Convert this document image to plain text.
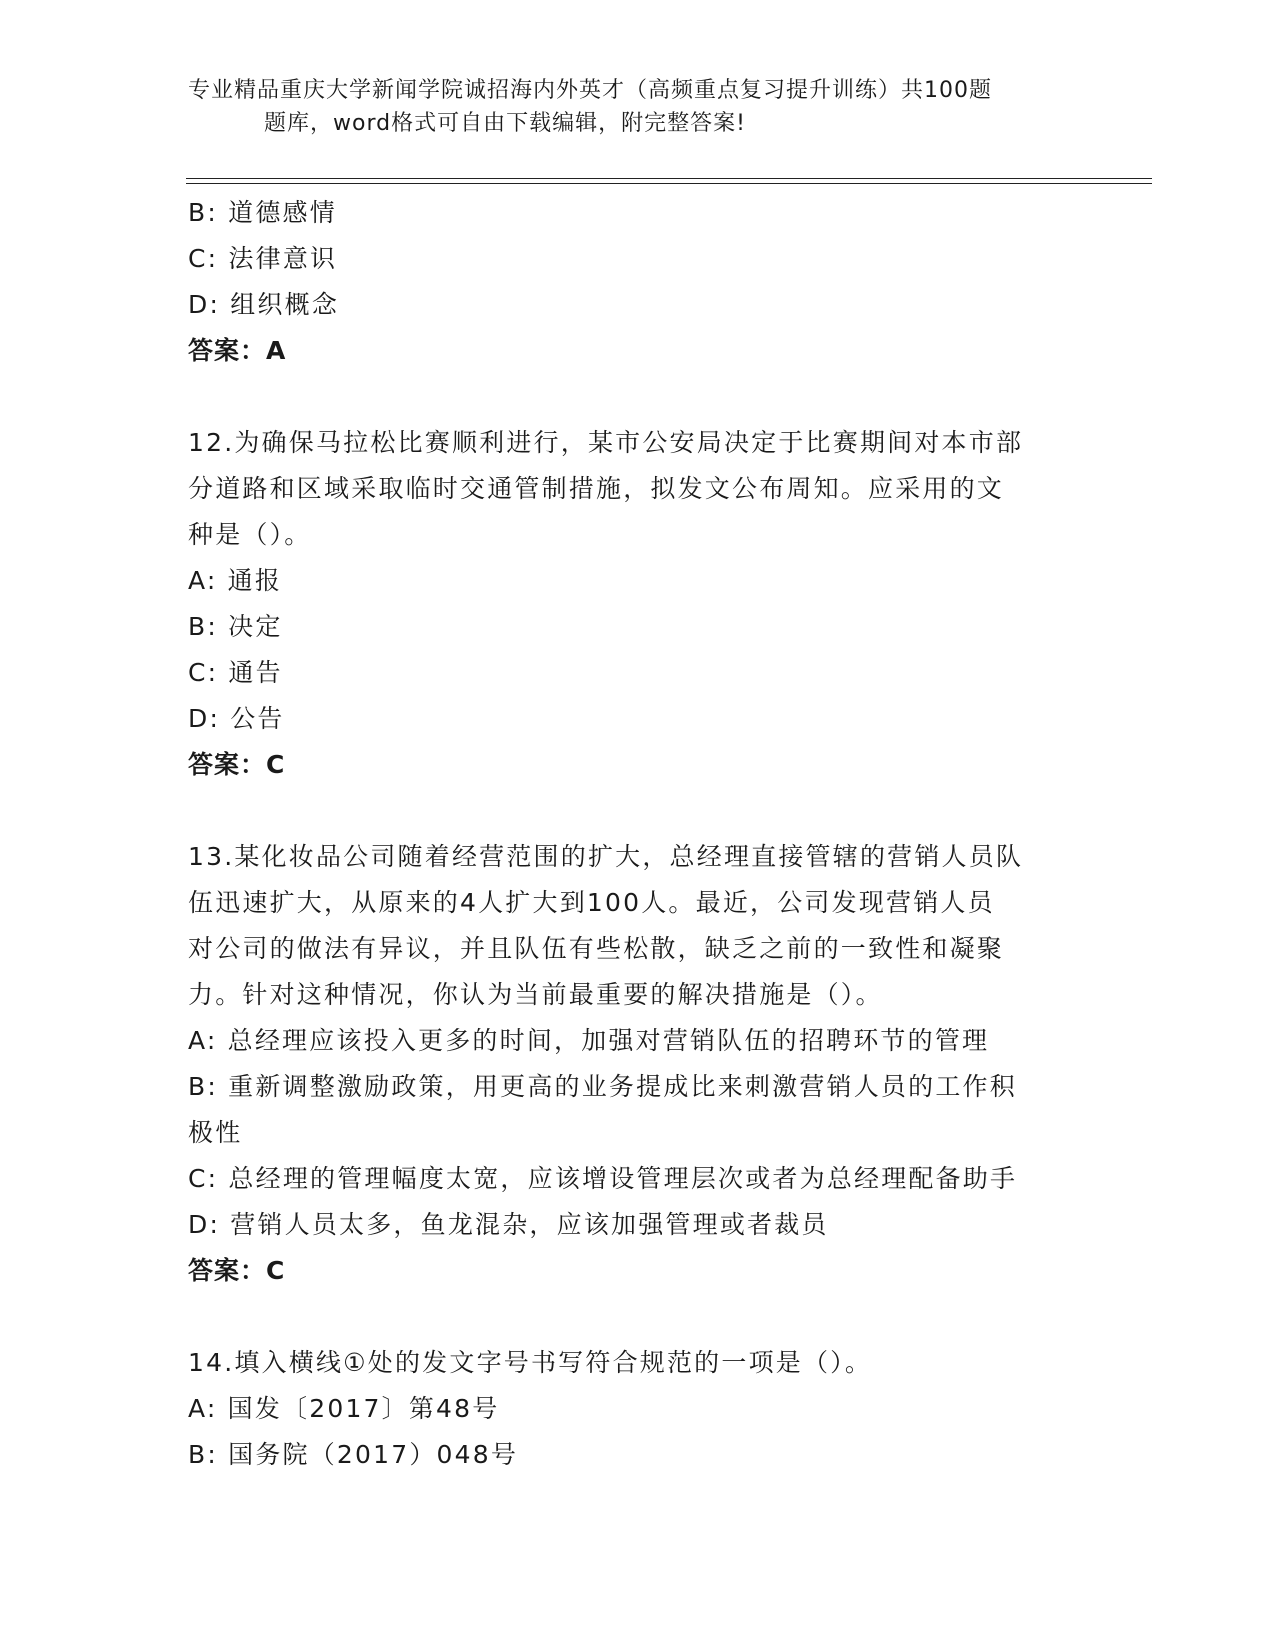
专业精品重庆大学新闻学院诚招海内外英才（高频重点复习提升训练）共100题
题库，word格式可自由下载编辑，附完整答案!

B: 道德感情

C: 法律意识

D: 组织概念

答案：A

12.为确保马拉松比赛顺利进行，某市公安局决定于比赛期间对本市部

分道路和区域采取临时交通管制措施，拟发文公布周知。应采用的文

种是（）。

A: 通报

B: 决定

C: 通告

D: 公告

答案：C

13.某化妆品公司随着经营范围的扩大，总经理直接管辖的营销人员队

伍迅速扩大，从原来的4人扩大到100人。最近，公司发现营销人员

对公司的做法有异议，并且队伍有些松散，缺乏之前的一致性和凝聚

力。针对这种情况，你认为当前最重要的解决措施是（）。

A: 总经理应该投入更多的时间，加强对营销队伍的招聘环节的管理

B: 重新调整激励政策，用更高的业务提成比来刺激营销人员的工作积

极性

C: 总经理的管理幅度太宽，应该增设管理层次或者为总经理配备助手

D: 营销人员太多，鱼龙混杂，应该加强管理或者裁员

答案：C

14.填入横线①处的发文字号书写符合规范的一项是（）。

A: 国发〔2017〕第48号

B: 国务院（2017）048号
